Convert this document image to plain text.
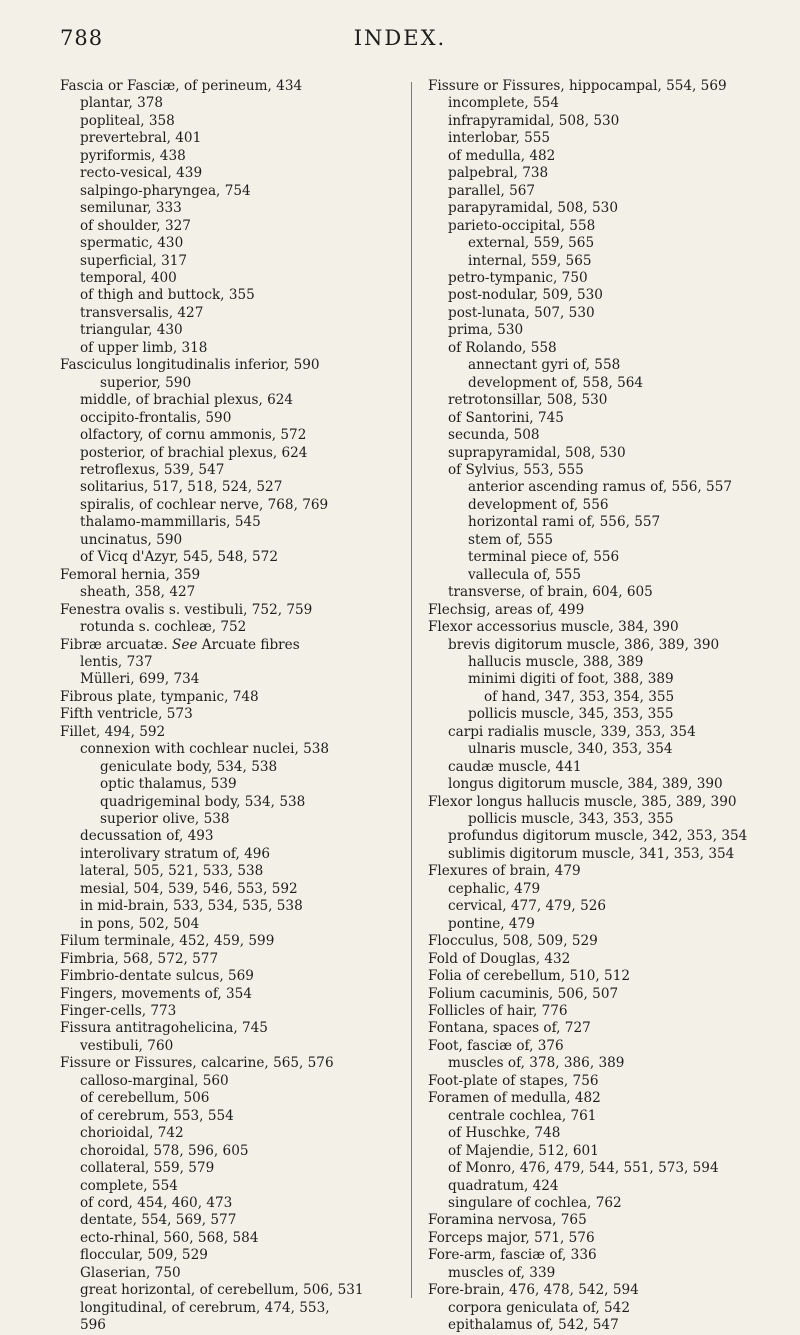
788	INDEX.
Fascia or Fasciæ, of perineum, 434
plantar, 378
popliteal, 358
prevertebral, 401
pyriformis, 438
recto-vesical, 439
salpingo-pharyngea, 754
semilunar, 333
of shoulder, 327
spermatic, 430
superficial, 317
temporal, 400
of thigh and buttock, 355
transversalis, 427
triangular, 430
of upper limb, 318
Fasciculus longitudinalis inferior, 590
superior, 590
middle, of brachial plexus, 624
occipito-frontalis, 590
olfactory, of cornu ammonis, 572
posterior, of brachial plexus, 624
retroflexus, 539, 547
solitarius, 517, 518, 524, 527
spiralis, of cochlear nerve, 768, 769
thalamo-mammillaris, 545
uncinatus, 590
of Vicq d'Azyr, 545, 548, 572
Femoral hernia, 359
sheath, 358, 427
Fenestra ovalis s. vestibuli, 752, 759
rotunda s. cochleæ, 752
Fibræ arcuatæ. See Arcuate fibres
lentis, 737
Mülleri, 699, 734
Fibrous plate, tympanic, 748
Fifth ventricle, 573
Fillet, 494, 592
connexion with cochlear nuclei, 538
geniculate body, 534, 538
optic thalamus, 539
quadrigeminal body, 534, 538
superior olive, 538
decussation of, 493
interolivary stratum of, 496
lateral, 505, 521, 533, 538
mesial, 504, 539, 546, 553, 592
in mid-brain, 533, 534, 535, 538
in pons, 502, 504
Filum terminale, 452, 459, 599
Fimbria, 568, 572, 577
Fimbrio-dentate sulcus, 569
Fingers, movements of, 354
Finger-cells, 773
Fissura antitragohelicina, 745
vestibuli, 760
Fissure or Fissures, calcarine, 565, 576
calloso-marginal, 560
of cerebellum, 506
of cerebrum, 553, 554
chorioidal, 742
choroidal, 578, 596, 605
collateral, 559, 579
complete, 554
of cord, 454, 460, 473
dentate, 554, 569, 577
ecto-rhinal, 560, 568, 584
floccular, 509, 529
Glaserian, 750
great horizontal, of cerebellum, 506, 531
longitudinal, of cerebrum, 474, 553,
596
Fissure or Fissures, hippocampal, 554, 569
incomplete, 554
infrapyramidal, 508, 530
interlobar, 555
of medulla, 482
palpebral, 738
parallel, 567
parapyramidal, 508, 530
parieto-occipital, 558
external, 559, 565
internal, 559, 565
petro-tympanic, 750
post-nodular, 509, 530
post-lunata, 507, 530
prima, 530
of Rolando, 558
annectant gyri of, 558
development of, 558, 564
retrotonsillar, 508, 530
of Santorini, 745
secunda, 508
suprapyramidal, 508, 530
of Sylvius, 553, 555
anterior ascending ramus of, 556, 557
development of, 556
horizontal rami of, 556, 557
stem of, 555
terminal piece of, 556
vallecula of, 555
transverse, of brain, 604, 605
Flechsig, areas of, 499
Flexor accessorius muscle, 384, 390
brevis digitorum muscle, 386, 389, 390
hallucis muscle, 388, 389
minimi digiti of foot, 388, 389
of hand, 347, 353, 354, 355
pollicis muscle, 345, 353, 355
carpi radialis muscle, 339, 353, 354
ulnaris muscle, 340, 353, 354
caudæ muscle, 441
longus digitorum muscle, 384, 389, 390
Flexor longus hallucis muscle, 385, 389, 390
pollicis muscle, 343, 353, 355
profundus digitorum muscle, 342, 353, 354
sublimis digitorum muscle, 341, 353, 354
Flexures of brain, 479
cephalic, 479
cervical, 477, 479, 526
pontine, 479
Flocculus, 508, 509, 529
Fold of Douglas, 432
Folia of cerebellum, 510, 512
Folium cacuminis, 506, 507
Follicles of hair, 776
Fontana, spaces of, 727
Foot, fasciæ of, 376
muscles of, 378, 386, 389
Foot-plate of stapes, 756
Foramen of medulla, 482
centrale cochlea, 761
of Huschke, 748
of Majendie, 512, 601
of Monro, 476, 479, 544, 551, 573, 594
quadratum, 424
singulare of cochlea, 762
Foramina nervosa, 765
Forceps major, 571, 576
Fore-arm, fasciæ of, 336
muscles of, 339
Fore-brain, 476, 478, 542, 594
corpora geniculata of, 542
epithalamus of, 542, 547
